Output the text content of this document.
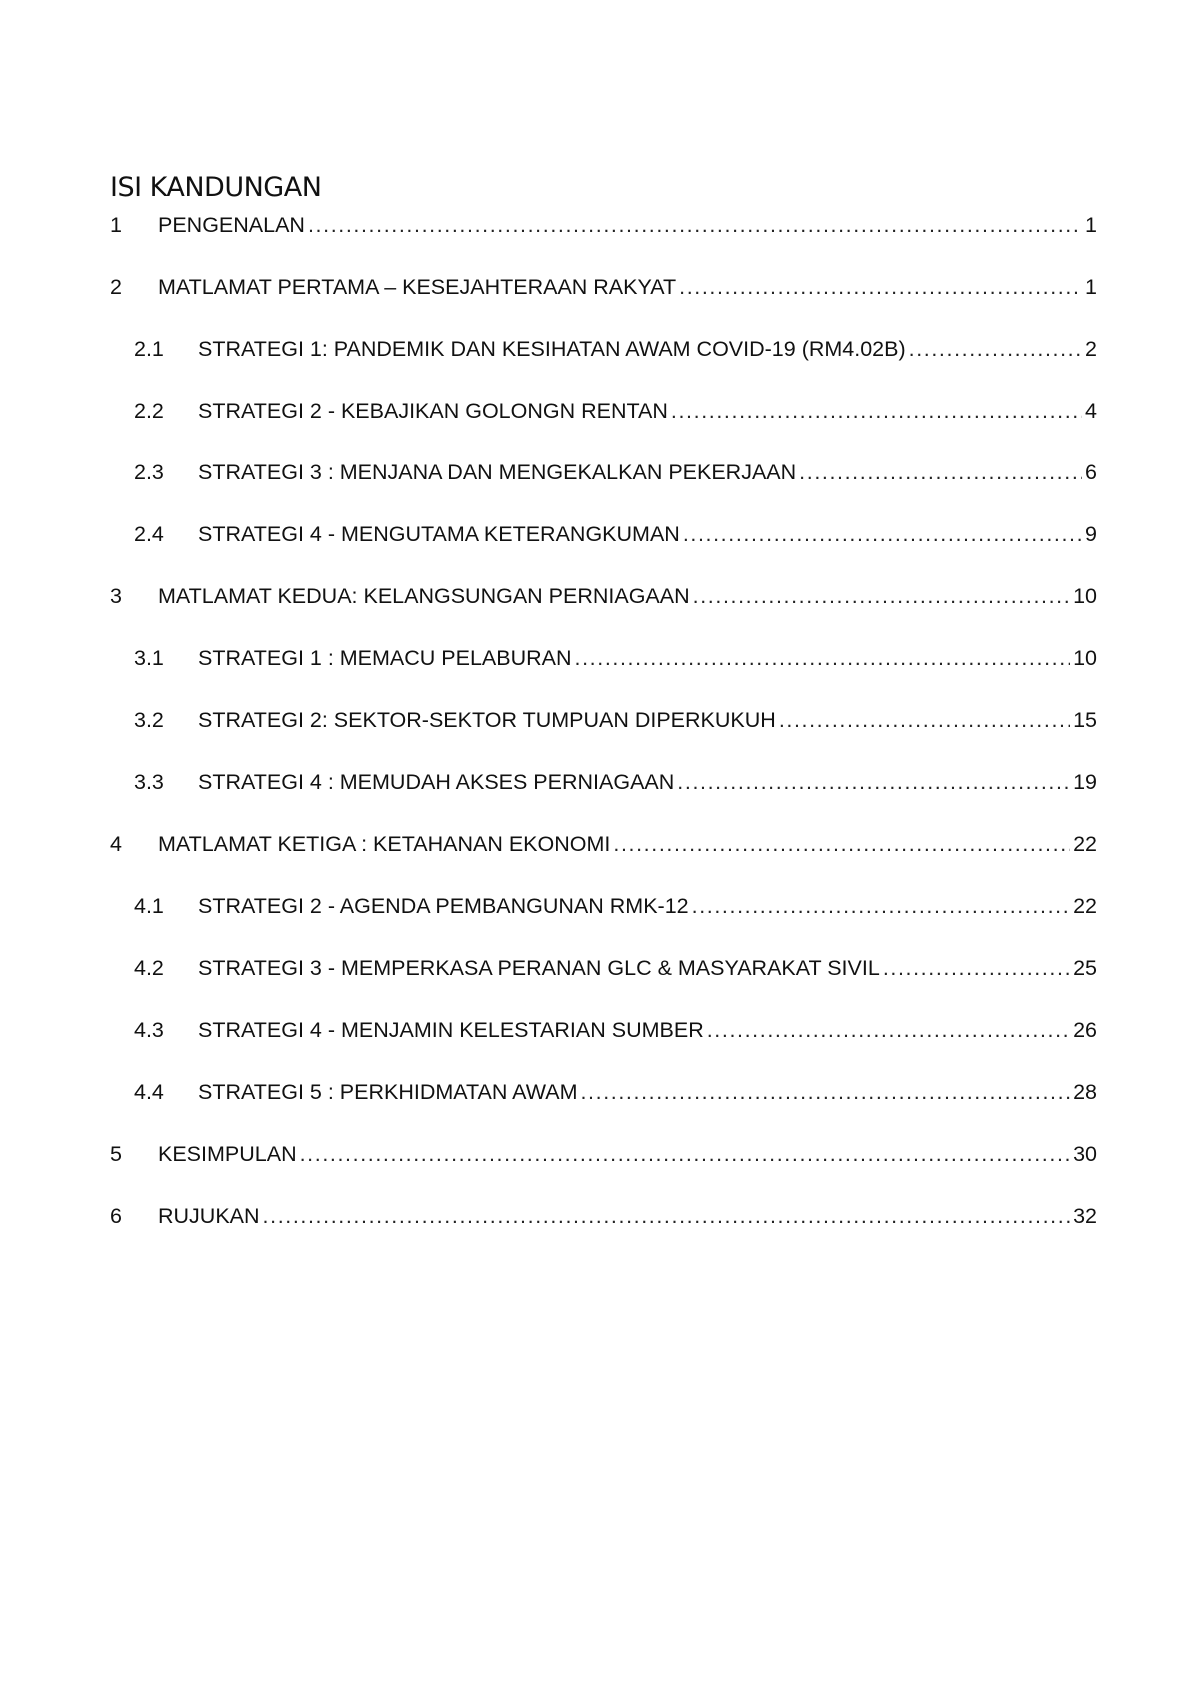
ISI KANDUNGAN
1	PENGENALAN .....	1
2	MATLAMAT PERTAMA – KESEJAHTERAAN RAKYAT .....	1
2.1	STRATEGI 1: PANDEMIK DAN KESIHATAN AWAM COVID-19 (RM4.02B) .....	2
2.2	STRATEGI 2 - KEBAJIKAN GOLONGN RENTAN .....	4
2.3	STRATEGI 3 : MENJANA DAN MENGEKALKAN PEKERJAAN .....	6
2.4	STRATEGI 4 - MENGUTAMA KETERANGKUMAN .....	9
3	MATLAMAT KEDUA: KELANGSUNGAN PERNIAGAAN .....	10
3.1	STRATEGI 1 : MEMACU PELABURAN .....	10
3.2	STRATEGI 2: SEKTOR-SEKTOR TUMPUAN DIPERKUKUH .....	15
3.3	STRATEGI 4 : MEMUDAH AKSES PERNIAGAAN .....	19
4	MATLAMAT KETIGA : KETAHANAN EKONOMI .....	22
4.1	STRATEGI 2 - AGENDA PEMBANGUNAN RMK-12 .....	22
4.2	STRATEGI 3 - MEMPERKASA PERANAN GLC & MASYARAKAT SIVIL .....	25
4.3	STRATEGI 4 - MENJAMIN KELESTARIAN SUMBER .....	26
4.4	STRATEGI 5 : PERKHIDMATAN AWAM .....	28
5	KESIMPULAN .....	30
6	RUJUKAN .....	32
